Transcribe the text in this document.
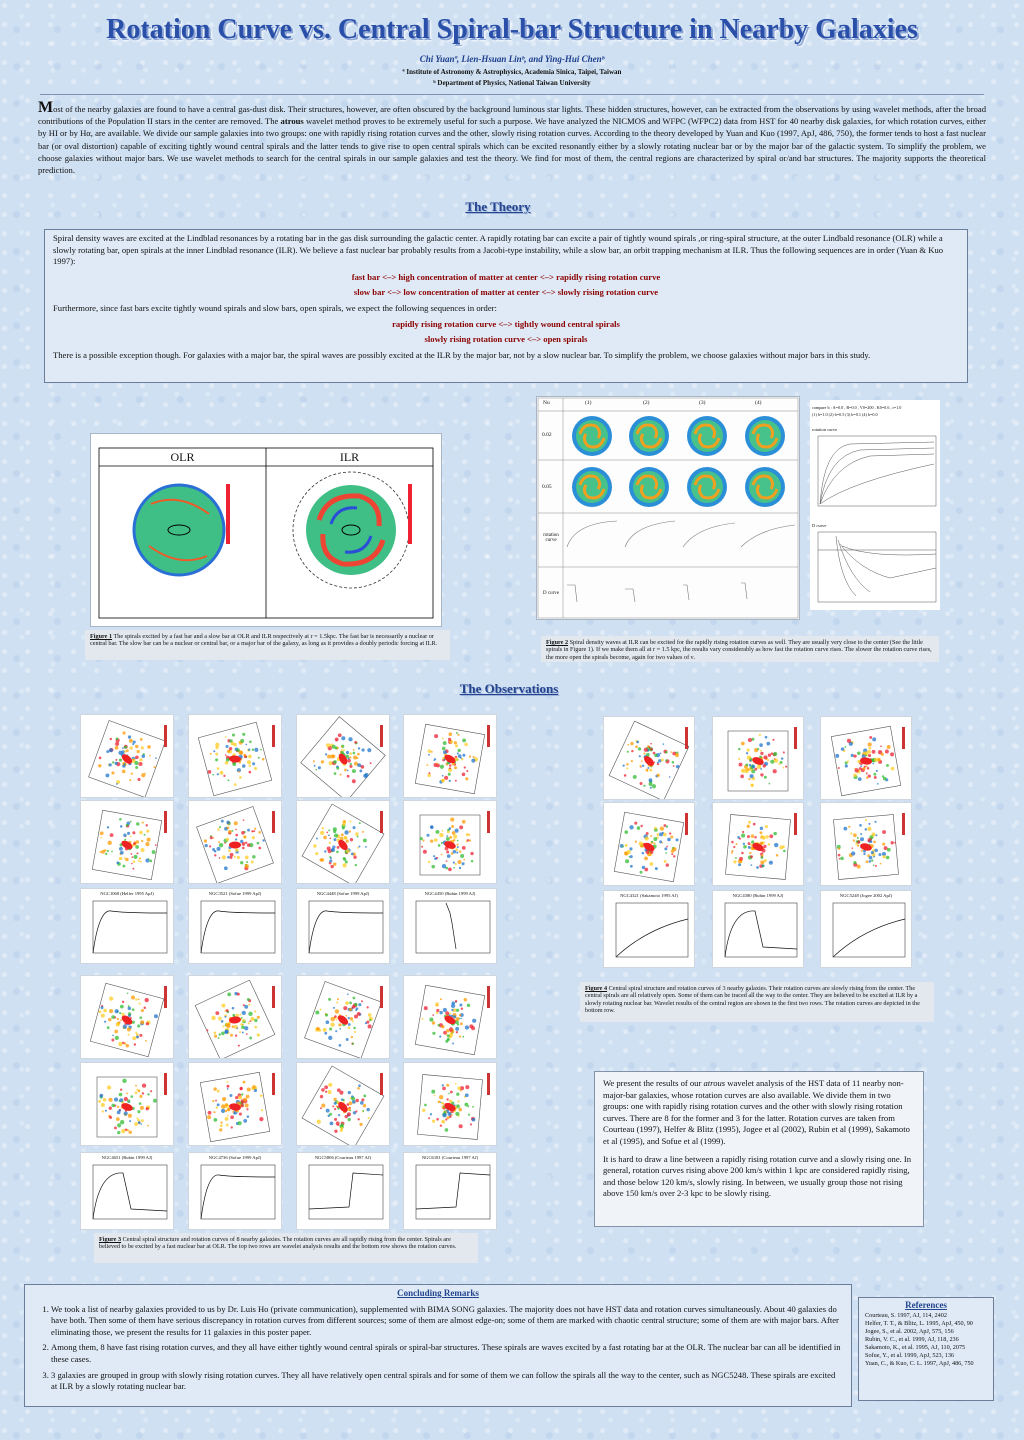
Rotation Curve vs. Central Spiral-bar Structure in Nearby Galaxies
Chi Yuanª, Lien-Hsuan Linᵇ, and Ying-Hui Chenᵇ
ª Institute of Astronomy & Astrophysics, Academia Sinica, Taipei, Taiwan
ᵇ Department of Physics, National Taiwan University
Most of the nearby galaxies are found to have a central gas-dust disk. Their structures, however, are often obscured by the background luminous star lights. These hidden structures, however, can be extracted from the observations by using wavelet methods, after the broad contributions of the Population II stars in the center are removed. The atrous wavelet method proves to be extremely useful for such a purpose. We have analyzed the NICMOS and WFPC (WFPC2) data from HST for 40 nearby disk galaxies, for which rotation curves, either by HI or by Hα, are available. We divide our sample galaxies into two groups: one with rapidly rising rotation curves and the other, slowly rising rotation curves. According to the theory developed by Yuan and Kuo (1997, ApJ, 486, 750), the former tends to host a fast nuclear bar (or oval distortion) capable of exciting tightly wound central spirals and the latter tends to give rise to open central spirals which can be excited resonantly either by a slowly rotating nuclear bar or by the major bar of the galactic system. To simplify the problem, we choose galaxies without major bars. We use wavelet methods to search for the central spirals in our sample galaxies and test the theory. We find for most of them, the central regions are characterized by spiral or/and bar structures. The majority supports the theoretical prediction.
The Theory

Spiral density waves are excited at the Lindblad resonances by a rotating bar in the gas disk surrounding the galactic center. A rapidly rotating bar can excite a pair of tightly wound spirals ,or ring-spiral structure, at the outer Lindbald resonance (OLR) while a slowly rotating bar, open spirals at the inner Lindblad resonance (ILR). We believe a fast nuclear bar probably results from a Jacobi-type instability, while a slow bar, an orbit trapping mechanism at ILR. Thus the following sequences are in order (Yuan & Kuo 1997):

fast bar <–> high concentration of matter at center <–> rapidly rising rotation curve

slow bar <–> low concentration of matter at center <–> slowly rising rotation curve

Furthermore, since fast bars excite tightly wound spirals and slow bars, open spirals, we expect the following sequences in order:

rapidly rising rotation curve <–> tightly wound central spirals

slowly rising rotation curve <–> open spirals

There is a possible exception though. For galaxies with a major bar, the spiral waves are possibly excited at the ILR by the major bar, not by a slow nuclear bar. To simplify the problem, we choose galaxies without major bars in this study.

OLR	ILR
Figure 1 The spirals excited by a fast bar and a slow bar at OLR and ILR respectively at r = 1.5kpc. The fast bar is necessarily a nuclear or central bar. The slow bar can be a nuclear or central bar, or a major bar of the galaxy, as long as it provides a doubly periodic forcing at ILR.
Nu	(1)	(2)	(3)	(4)
0.02
0.05
rotation curve
D curve
compare b : A=0.0 , B=0.0 , V0=200 , K0=0.6 , t=1.0
(1) b=1.0 (2) b=0.5 (3) b=0.1 (4) b=0.0
rotation curve
D curve
Figure 2 Spiral density waves at ILR can be excited for the rapidly rising rotation curves as well. They are usually very close to the center (See the little spirals in Figure 1). If we make them all at r = 1.5 kpc, the results vary considerably as how fast the rotation curve rises. The slower the rotation curve rises, the more open the spirals become, again for two values of ν.
The Observations
NGC1068 (Helfer 1995 ApJ)	NGC3521 (Sofue 1999 ApJ)	NGC4448 (Sofue 1999 ApJ)	NGC4450 (Rubin 1999 AJ)	NGC4321 (Sakamoto 1995 AJ)	NGC4380 (Rubin 1999 AJ)	NGC5248 (Jogee 2002 ApJ)
NGC4651 (Rubin 1999 AJ)	NGC4736 (Sofue 1999 ApJ)	NGC5806 (Courteau 1997 AJ)	NGC6181 (Courteau 1997 AJ)
Figure 4 Central spiral structure and rotation curves of 3 nearby galaxies. Their rotation curves are slowly rising from the center. The central spirals are all relatively open. Some of them can be traced all the way to the center. They are believed to be excited at ILR by a slowly rotating nuclear bar. Wavelet results of the central region are shown in the first two rows. The rotation curves are depicted in the bottom row.
Figure 3 Central spiral structure and rotation curves of 8 nearby galaxies. The rotation curves are all rapidly rising from the center. Spirals are believed to be excited by a fast nuclear bar at OLR. The top two rows are wavelet analysis results and the bottom row shows the rotation curves.

We present the results of our atrous wavelet analysis of the HST data of 11 nearby non-major-bar galaxies, whose rotation curves are also available. We divide them in two groups: one with rapidly rising rotation curves and the other with slowly rising rotation curves. There are 8 for the former and 3 for the latter. Rotation curves are taken from Courteau (1997), Helfer & Blitz (1995), Jogee et al (2002), Rubin et al (1999), Sakamoto et al (1995), and Sofue et al (1999).

It is hard to draw a line between a rapidly rising rotation curve and a slowly rising one. In general, rotation curves rising above 200 km/s within 1 kpc are considered rapidly rising, and those below 120 km/s, slowly rising. In between, we usually group those not rising above 150 km/s over 2-3 kpc to be slowly rising.

Concluding Remarks
1. We took a list of nearby galaxies provided to us by Dr. Luis Ho (private communication), supplemented with BIMA SONG galaxies. The majority does not have HST data and rotation curves simultaneously. About 40 galaxies do have both. Then some of them have serious discrepancy in rotation curves from different sources; some of them are almost edge-on; some of them are marked with chaotic central structure; some of them are with major bars. After eliminating those, we present the results for 11 galaxies in this poster paper.
2. Among them, 8 have fast rising rotation curves, and they all have either tightly wound central spirals or spiral-bar structures. These spirals are waves excited by a fast rotating bar at the OLR. The nuclear bar can all be identified in these cases.
3. 3 galaxies are grouped in group with slowly rising rotation curves. They all have relatively open central spirals and for some of them we can follow the spirals all the way to the center, such as NGC5248. These spirals are excited at ILR by a slowly rotating nuclear bar.
References
Courteau, S. 1997, AJ, 114, 2402
Helfer, T. T., & Blitz, L. 1995, ApJ, 450, 90
Jogee, S., et al. 2002, ApJ, 575, 156
Rubin, V. C., et al. 1999, AJ, 118, 236
Sakamoto, K., et al. 1995, AJ, 110, 2075
Sofue, Y., et al. 1999, ApJ, 523, 136
Yuan, C., & Kuo, C. L. 1997, ApJ, 486, 750
